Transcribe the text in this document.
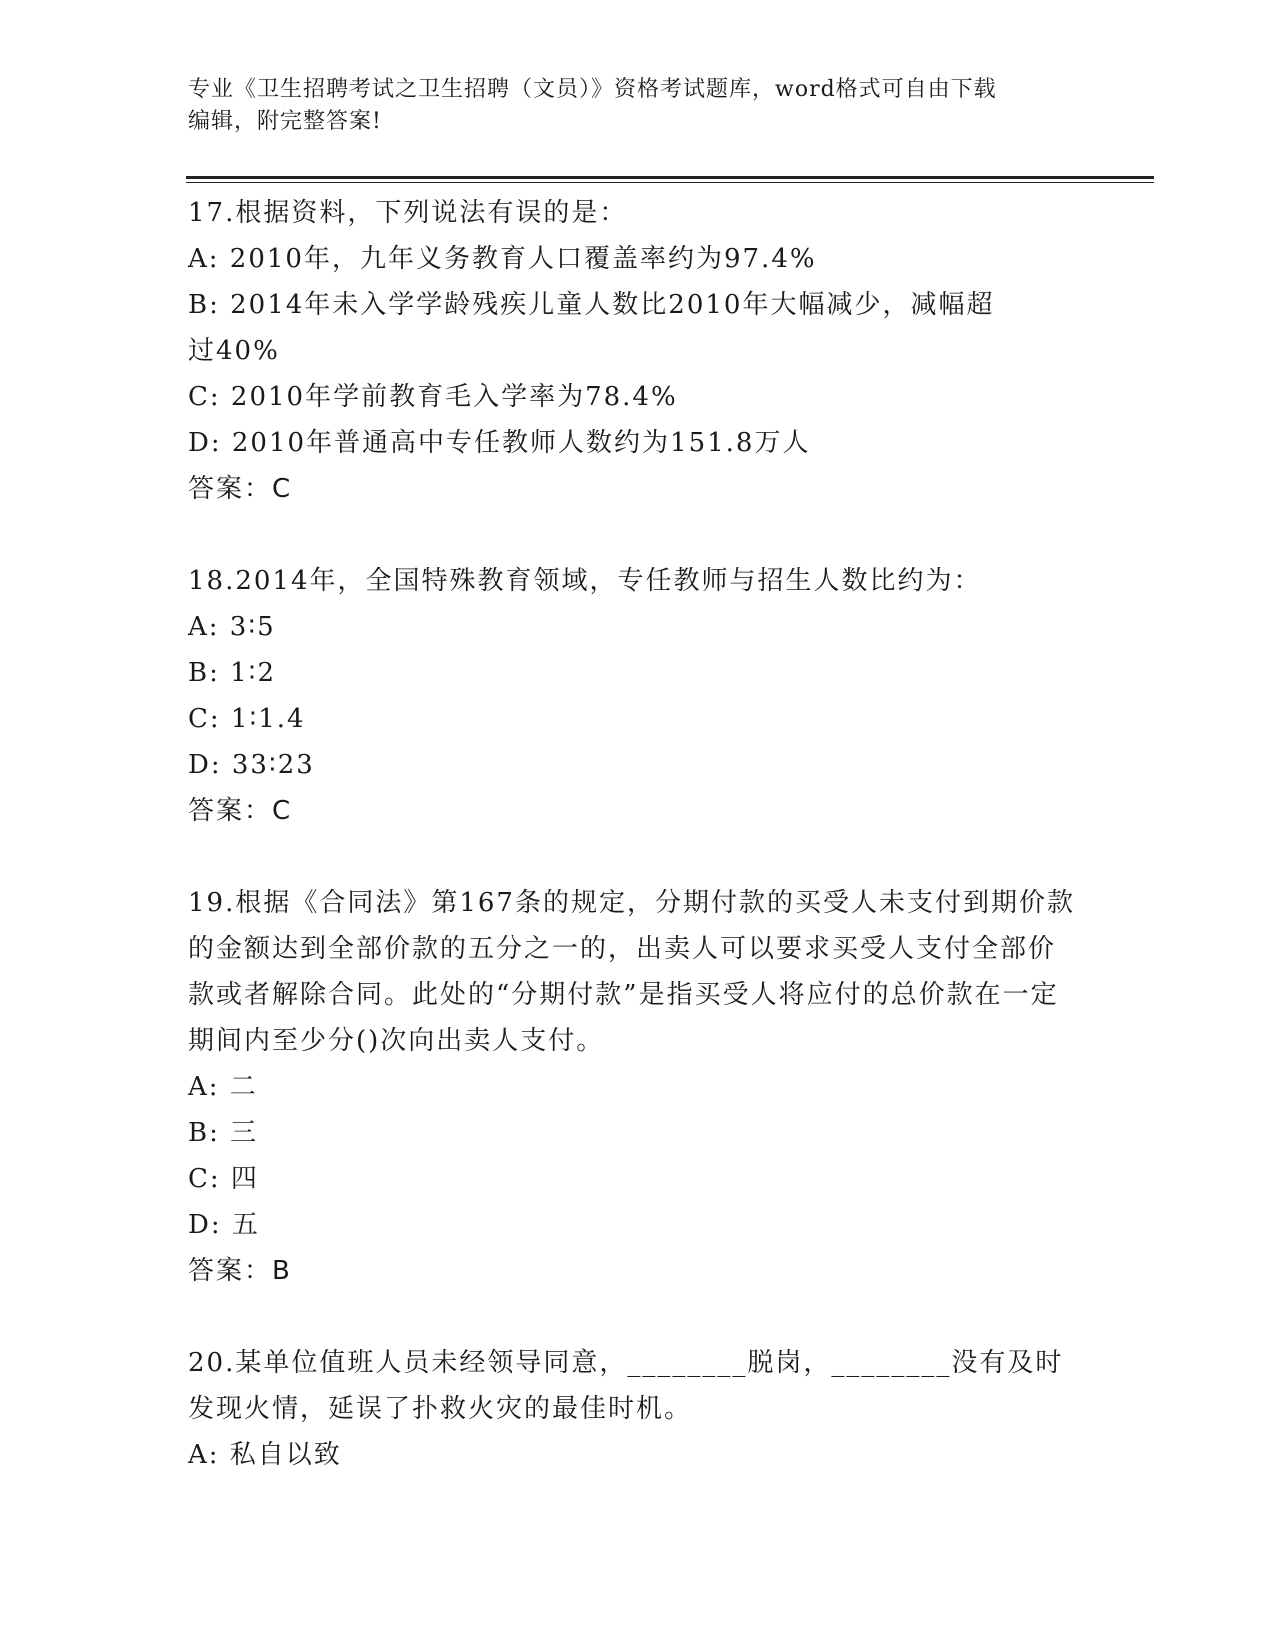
专业《卫生招聘考试之卫生招聘（文员）》资格考试题库，word格式可自由下载
编辑，附完整答案!
17.根据资料，下列说法有误的是：
A: 2010年，九年义务教育人口覆盖率约为97.4%
B: 2014年未入学学龄残疾儿童人数比2010年大幅减少，减幅超过40%
C: 2010年学前教育毛入学率为78.4%
D: 2010年普通高中专任教师人数约为151.8万人
答案：C
18.2014年，全国特殊教育领域，专任教师与招生人数比约为：
A: 3∶5
B: 1∶2
C: 1∶1.4
D: 33∶23
答案：C
19.根据《合同法》第167条的规定，分期付款的买受人未支付到期价款的金额达到全部价款的五分之一的，出卖人可以要求买受人支付全部价款或者解除合同。此处的“分期付款”是指买受人将应付的总价款在一定期间内至少分()次向出卖人支付。
A: 二
B: 三
C: 四
D: 五
答案：B
20.某单位值班人员未经领导同意，________脱岗，________没有及时发现火情，延误了扑救火灾的最佳时机。
A: 私自以致
